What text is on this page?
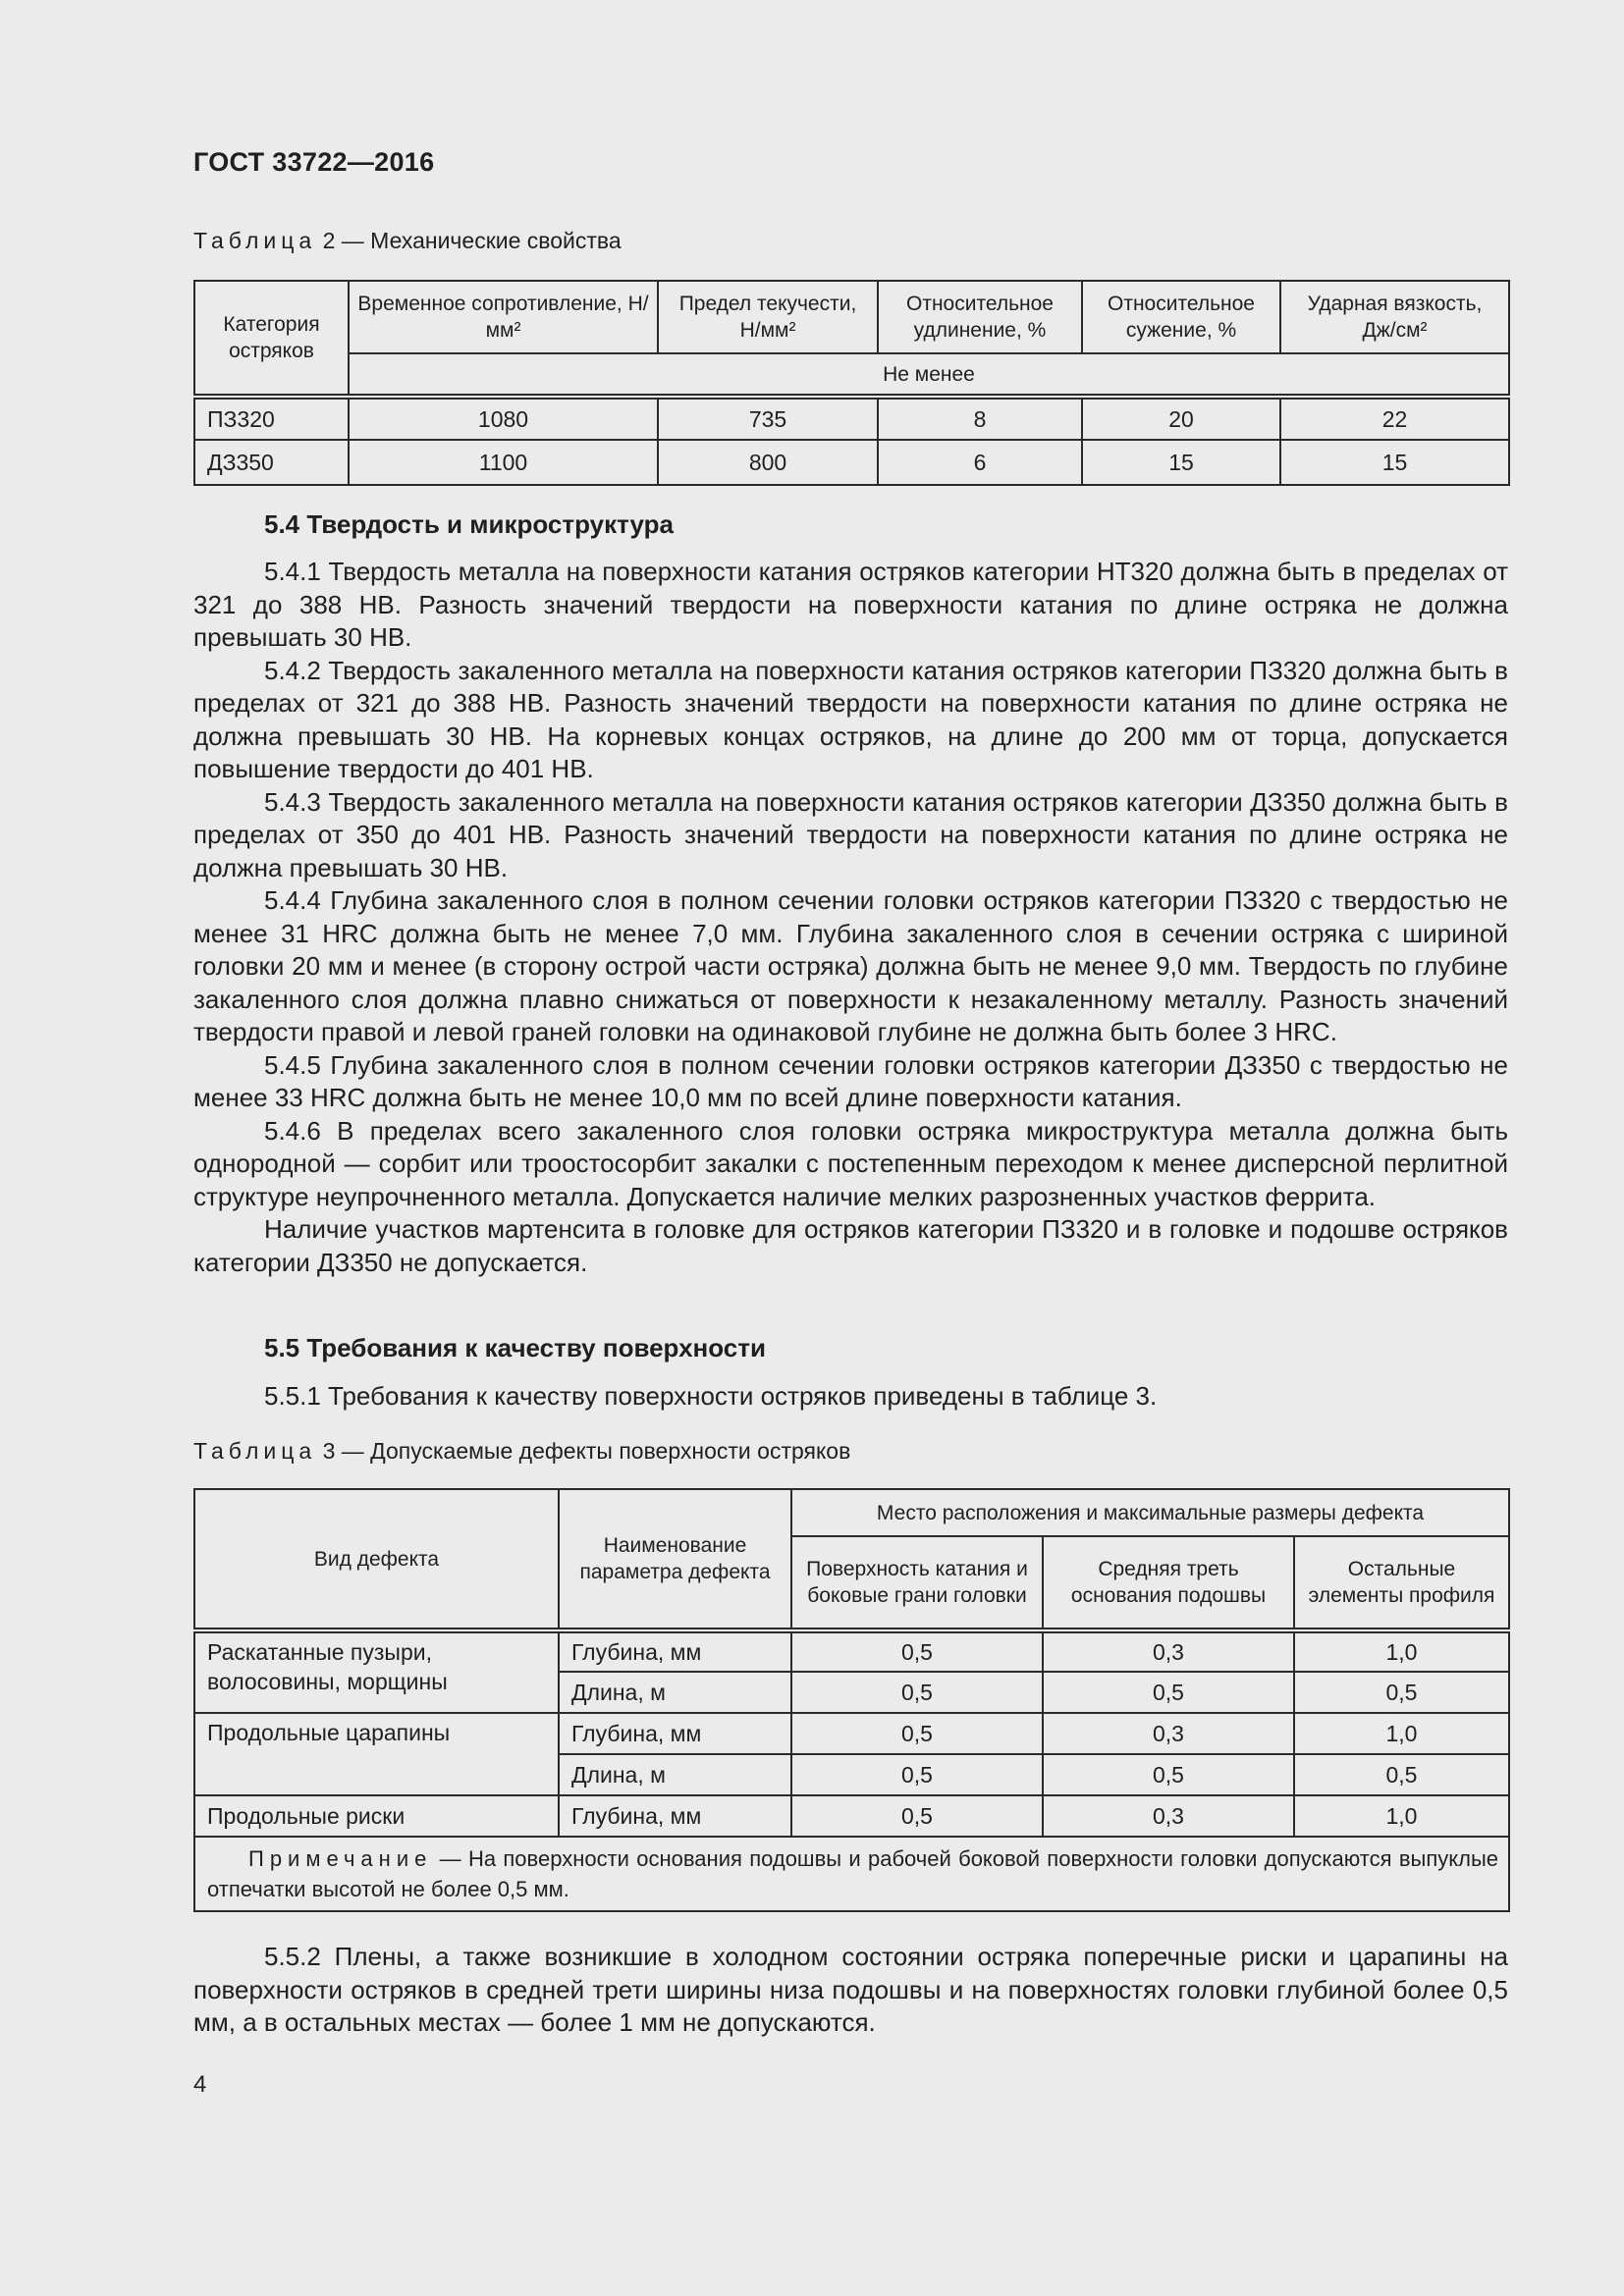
ГОСТ 33722—2016
Таблица 2 — Механические свойства
Категория остряков	Временное сопротивление, Н/мм²	Предел текучести, Н/мм²	Относительное удлинение, %	Относительное сужение, %	Ударная вязкость, Дж/см²
	Не менее				
ПЗ320	1080	735	8	20	22
ДЗ350	1100	800	6	15	15
5.4 Твердость и микроструктура

5.4.1 Твердость металла на поверхности катания остряков категории НТ320 должна быть в пределах от 321 до 388 НВ. Разность значений твердости на поверхности катания по длине остряка не должна превышать 30 НВ.

5.4.2 Твердость закаленного металла на поверхности катания остряков категории ПЗ320 должна быть в пределах от 321 до 388 НВ. Разность значений твердости на поверхности катания по длине остряка не должна превышать 30 НВ. На корневых концах остряков, на длине до 200 мм от торца, допускается повышение твердости до 401 НВ.

5.4.3 Твердость закаленного металла на поверхности катания остряков категории ДЗ350 должна быть в пределах от 350 до 401 НВ. Разность значений твердости на поверхности катания по длине остряка не должна превышать 30 НВ.

5.4.4 Глубина закаленного слоя в полном сечении головки остряков категории ПЗ320 с твердостью не менее 31 HRC должна быть не менее 7,0 мм. Глубина закаленного слоя в сечении остряка с шириной головки 20 мм и менее (в сторону острой части остряка) должна быть не менее 9,0 мм. Твердость по глубине закаленного слоя должна плавно снижаться от поверхности к незакаленному металлу. Разность значений твердости правой и левой граней головки на одинаковой глубине не должна быть более 3 HRC.

5.4.5 Глубина закаленного слоя в полном сечении головки остряков категории ДЗ350 с твердостью не менее 33 HRC должна быть не менее 10,0 мм по всей длине поверхности катания.

5.4.6 В пределах всего закаленного слоя головки остряка микроструктура металла должна быть однородной — сорбит или троостосорбит закалки с постепенным переходом к менее дисперсной перлитной структуре неупрочненного металла. Допускается наличие мелких разрозненных участков феррита.

Наличие участков мартенсита в головке для остряков категории ПЗ320 и в головке и подошве остряков категории ДЗ350 не допускается.

5.5 Требования к качеству поверхности

5.5.1 Требования к качеству поверхности остряков приведены в таблице 3.

Таблица 3 — Допускаемые дефекты поверхности остряков
Вид дефекта	Наименование параметра дефекта	Место расположения и максимальные размеры дефекта		
		Поверхность катания и боковые грани головки	Средняя треть основания подошвы	Остальные элементы профиля
Раскатанные пузыри, волосовины, морщины	Глубина, мм	0,5	0,3	1,0
	Длина, м	0,5	0,5	0,5
Продольные царапины	Глубина, мм	0,5	0,3	1,0
	Длина, м	0,5	0,5	0,5
Продольные риски	Глубина, мм	0,5	0,3	1,0
Примечание — На поверхности основания подошвы и рабочей боковой поверхности головки допускаются выпуклые отпечатки высотой не более 0,5 мм.				

5.5.2 Плены, а также возникшие в холодном состоянии остряка поперечные риски и царапины на поверхности остряков в средней трети ширины низа подошвы и на поверхностях головки глубиной более 0,5 мм, а в остальных местах — более 1 мм не допускаются.

4
